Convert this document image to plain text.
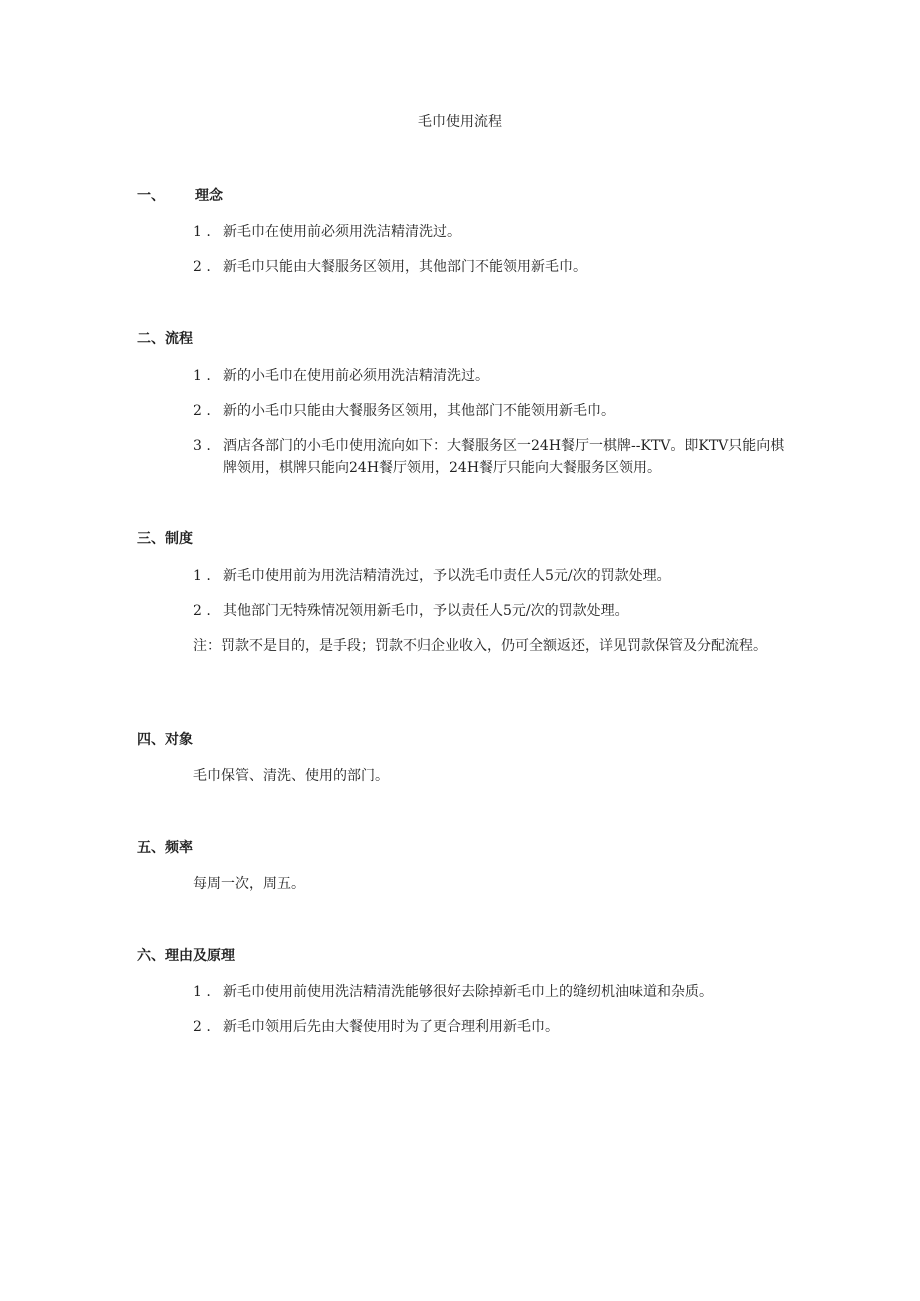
毛巾使用流程
一、 理念
1 . 新毛巾在使用前必须用洗洁精清洗过。
2 . 新毛巾只能由大餐服务区领用，其他部门不能领用新毛巾。
二、流程
1 . 新的小毛巾在使用前必须用洗洁精清洗过。
2 . 新的小毛巾只能由大餐服务区领用，其他部门不能领用新毛巾。
3 . 酒店各部门的小毛巾使用流向如下：大餐服务区一24H餐厅一棋牌--KTV。即KTV只能向棋牌领用，棋牌只能向24H餐厅领用，24H餐厅只能向大餐服务区领用。
三、制度
1 . 新毛巾使用前为用洗洁精清洗过，予以洗毛巾责任人5元/次的罚款处理。
2 . 其他部门无特殊情况领用新毛巾，予以责任人5元/次的罚款处理。
注：罚款不是目的，是手段；罚款不归企业收入，仍可全额返还，详见罚款保管及分配流程。
四、对象
毛巾保管、清洗、使用的部门。
五、频率
每周一次，周五。
六、理由及原理
1 . 新毛巾使用前使用洗洁精清洗能够很好去除掉新毛巾上的缝纫机油味道和杂质。
2 . 新毛巾领用后先由大餐使用时为了更合理利用新毛巾。
